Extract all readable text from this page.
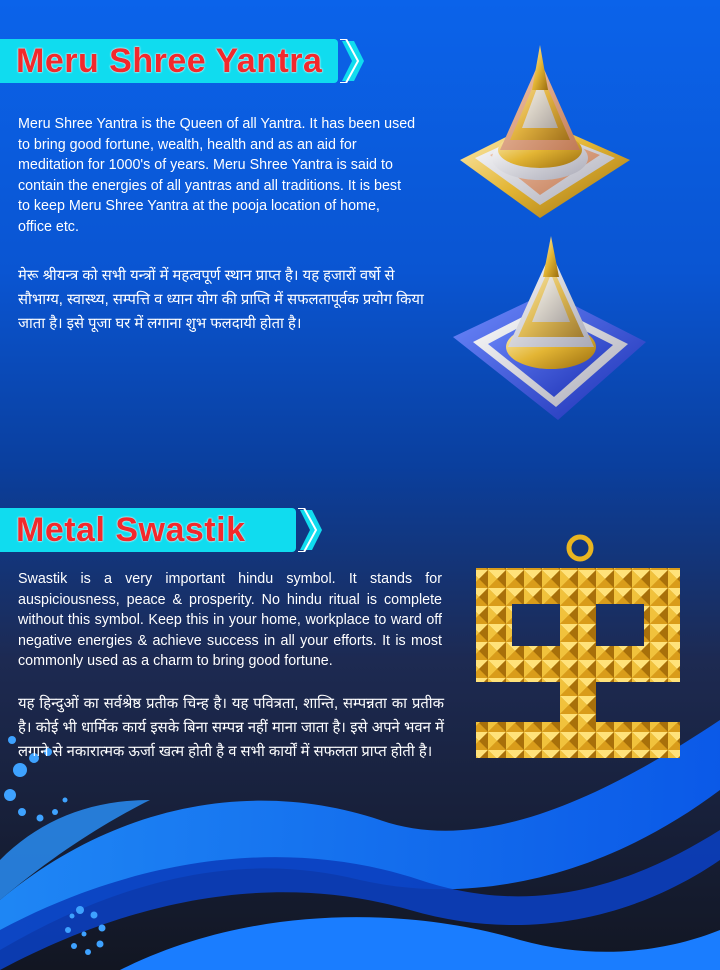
Meru Shree Yantra
Meru Shree Yantra is the Queen of all Yantra. It has been used to bring good fortune, wealth, health and as an aid for meditation for 1000's of years. Meru Shree Yantra is said to contain the energies of all yantras and all traditions. It is best to keep Meru Shree Yantra at the pooja location of home, office etc.
मेरू श्रीयन्त्र को सभी यन्त्रों में महत्वपूर्ण स्थान प्राप्त है। यह हजारों वर्षो से सौभाग्य, स्वास्थ्य, सम्पत्ति व ध्यान योग की प्राप्ति में सफलतापूर्वक प्रयोग किया जाता है। इसे पूजा घर में लगाना शुभ फलदायी होता है।
Metal Swastik
Swastik is a very important hindu symbol. It stands for auspiciousness, peace & prosperity. No hindu ritual is complete without this symbol. Keep this in your home, workplace to ward off negative energies & achieve success in all your efforts. It is most commonly used as a charm to bring good fortune.
यह हिन्दुओं का सर्वश्रेष्ठ प्रतीक चिन्ह है। यह पवित्रता, शान्ति, सम्पन्नता का प्रतीक है। कोई भी धार्मिक कार्य इसके बिना सम्पन्न नहीं माना जाता है। इसे अपने भवन में लगाने से नकारात्मक ऊर्जा खत्म होती है व सभी कार्यों में सफलता प्राप्त होती है।
